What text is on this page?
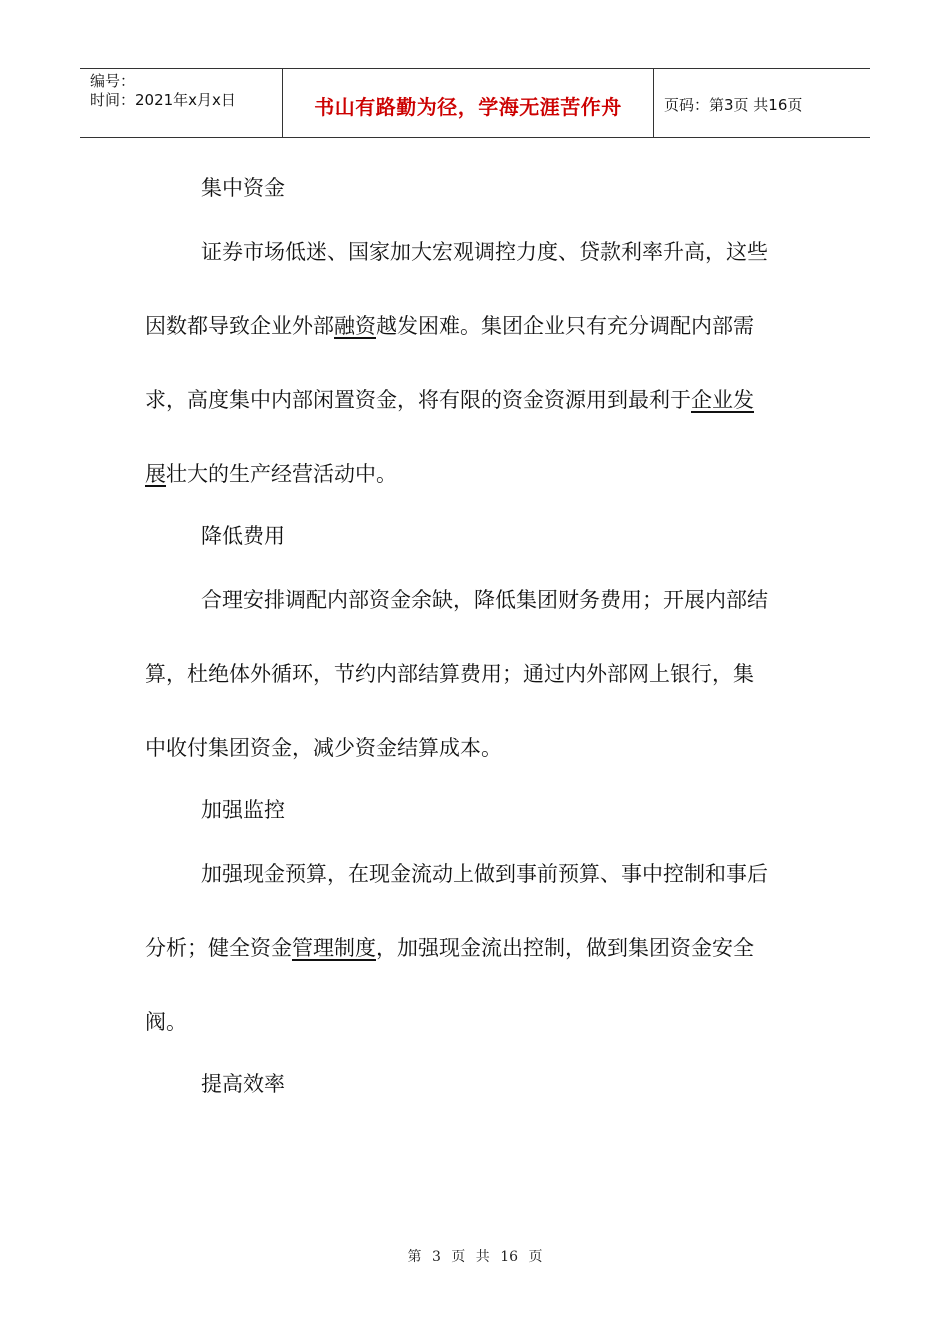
编号：
时间：2021年x月x日	书山有路勤为径，学海无涯苦作舟	页码：第3页 共16页
集中资金
证券市场低迷、国家加大宏观调控力度、贷款利率升高，这些
因数都导致企业外部融资越发困难。集团企业只有充分调配内部需
求，高度集中内部闲置资金，将有限的资金资源用到最利于企业发
展壮大的生产经营活动中。
降低费用
合理安排调配内部资金余缺，降低集团财务费用；开展内部结
算，杜绝体外循环，节约内部结算费用；通过内外部网上银行，集
中收付集团资金，减少资金结算成本。
加强监控
加强现金预算，在现金流动上做到事前预算、事中控制和事后
分析；健全资金管理制度，加强现金流出控制，做到集团资金安全
阀。
提高效率
第 3 页 共 16 页
